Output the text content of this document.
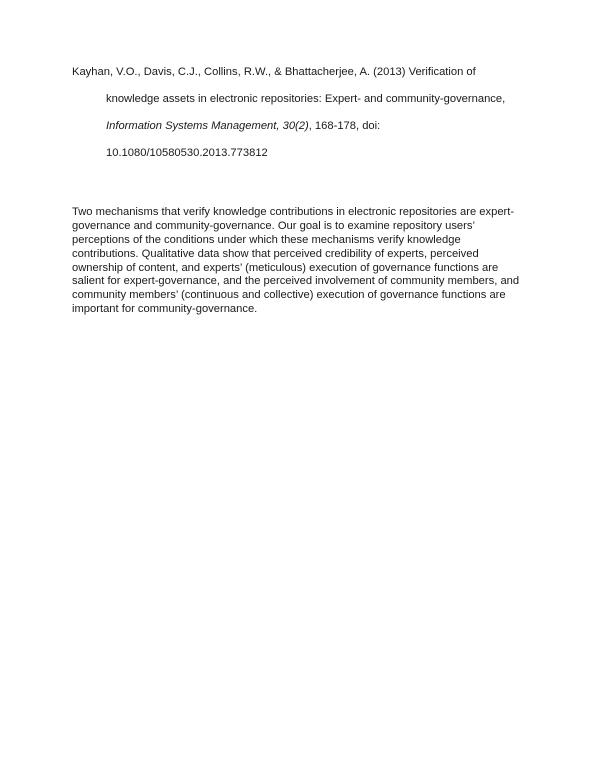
Kayhan, V.O., Davis, C.J., Collins, R.W., & Bhattacherjee, A. (2013) Verification of
knowledge assets in electronic repositories: Expert- and community-governance,
Information Systems Management, 30(2), 168-178, doi:
10.1080/10580530.2013.773812
Two mechanisms that verify knowledge contributions in electronic repositories are expert-
governance and community-governance. Our goal is to examine repository users’
perceptions of the conditions under which these mechanisms verify knowledge
contributions. Qualitative data show that perceived credibility of experts, perceived
ownership of content, and experts’ (meticulous) execution of governance functions are
salient for expert-governance, and the perceived involvement of community members, and
community members’ (continuous and collective) execution of governance functions are
important for community-governance.
